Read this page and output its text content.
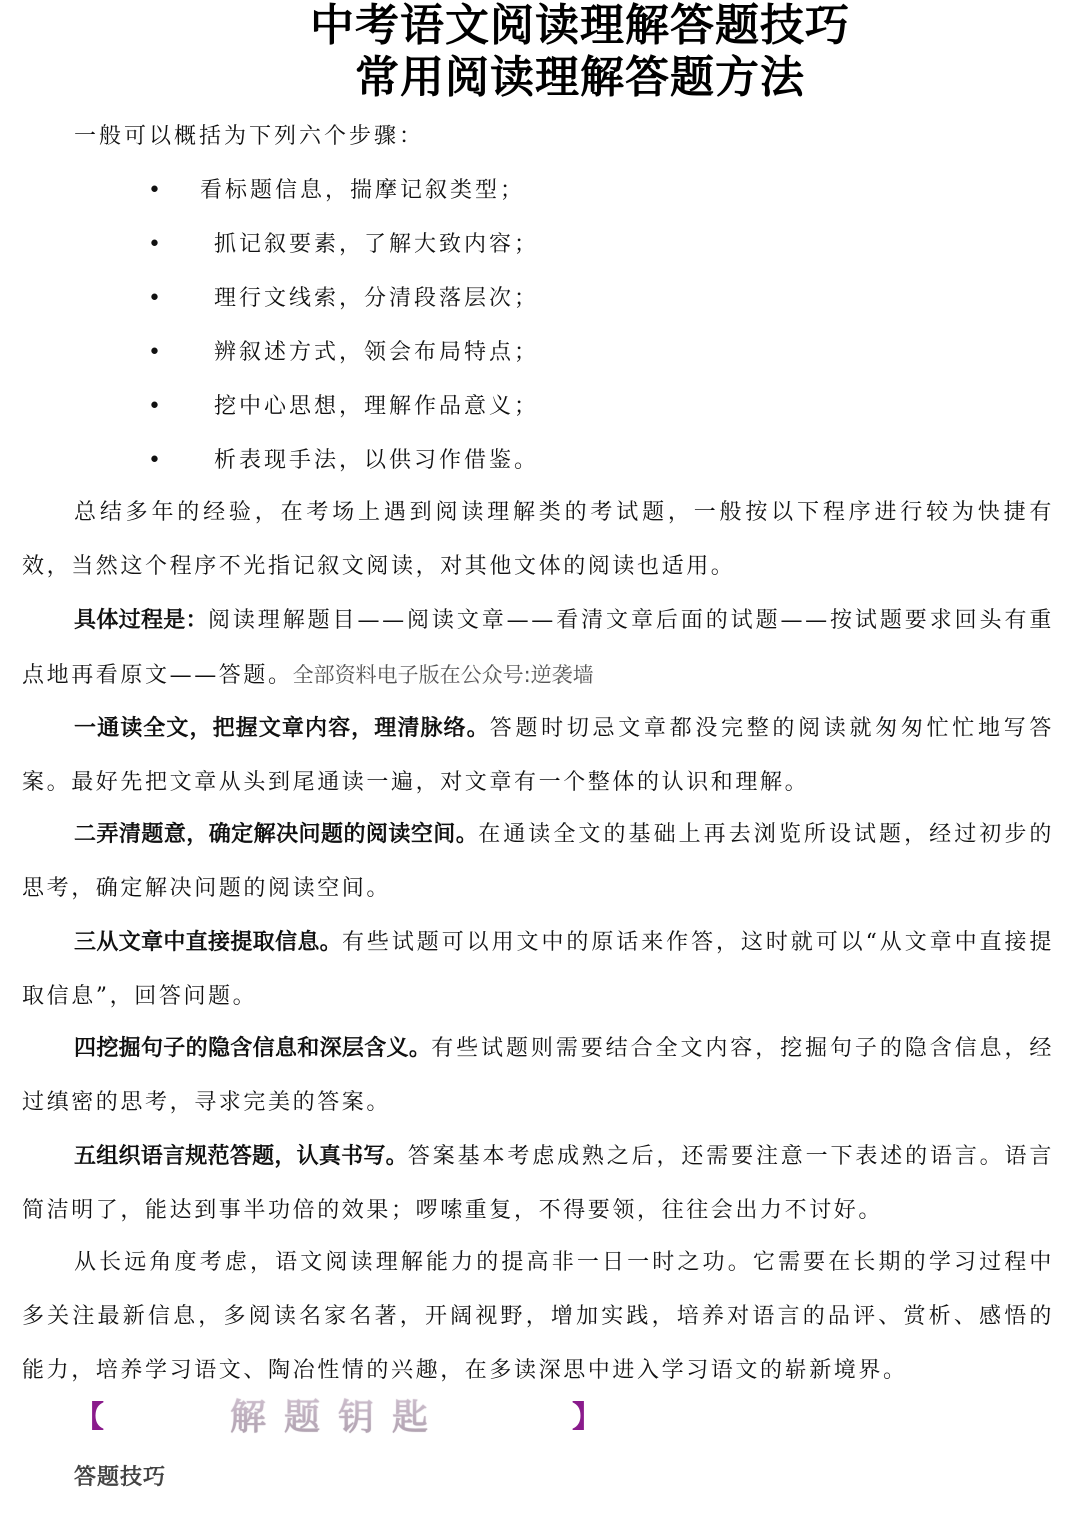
中考语文阅读理解答题技巧
常用阅读理解答题方法

一般可以概括为下列六个步骤：

• 看标题信息，揣摩记叙类型；
• 抓记叙要素，了解大致内容；
• 理行文线索，分清段落层次；
• 辨叙述方式，领会布局特点；
• 挖中心思想，理解作品意义；
• 析表现手法，以供习作借鉴。

总结多年的经验，在考场上遇到阅读理解类的考试题，一般按以下程序进行较为快捷有效，当然这个程序不光指记叙文阅读，对其他文体的阅读也适用。

具体过程是：阅读理解题目——阅读文章——看清文章后面的试题——按试题要求回头有重点地再看原文——答题。全部资料电子版在公众号:逆袭墙

一通读全文，把握文章内容，理清脉络。答题时切忌文章都没完整的阅读就匆匆忙忙地写答案。最好先把文章从头到尾通读一遍，对文章有一个整体的认识和理解。

二弄清题意，确定解决问题的阅读空间。在通读全文的基础上再去浏览所设试题，经过初步的思考，确定解决问题的阅读空间。

三从文章中直接提取信息。有些试题可以用文中的原话来作答，这时就可以“从文章中直接提取信息”，回答问题。

四挖掘句子的隐含信息和深层含义。有些试题则需要结合全文内容，挖掘句子的隐含信息，经过缜密的思考，寻求完美的答案。

五组织语言规范答题，认真书写。答案基本考虑成熟之后，还需要注意一下表述的语言。语言简洁明了，能达到事半功倍的效果；啰嗦重复，不得要领，往往会出力不讨好。

从长远角度考虑，语文阅读理解能力的提高非一日一时之功。它需要在长期的学习过程中多关注最新信息，多阅读名家名著，开阔视野，增加实践，培养对语言的品评、赏析、感悟的能力，培养学习语文、陶冶性情的兴趣，在多读深思中进入学习语文的崭新境界。

【	解题钥匙	】
答题技巧
